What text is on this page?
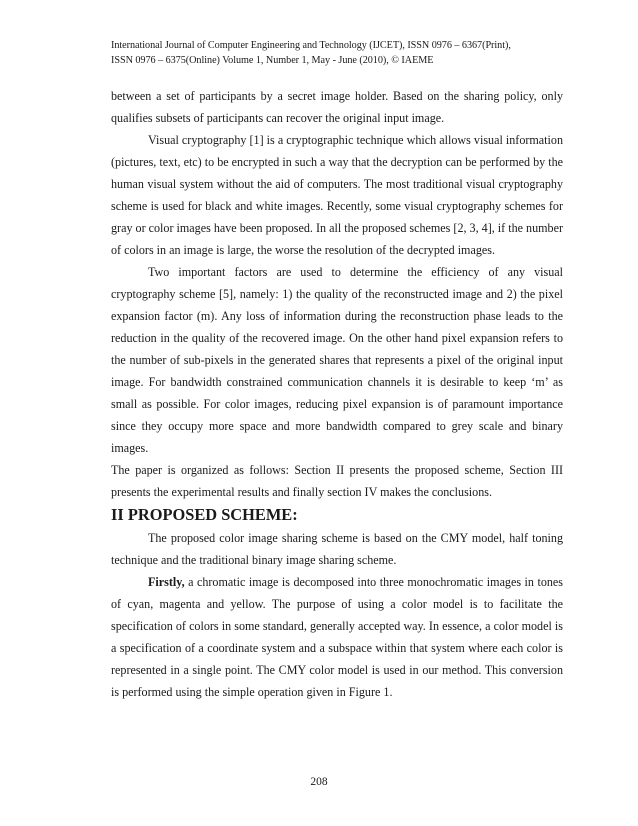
International Journal of Computer Engineering and Technology (IJCET), ISSN 0976 – 6367(Print),
ISSN 0976 – 6375(Online) Volume 1, Number 1, May - June (2010), © IAEME

between a set of participants by a secret image holder. Based on the sharing policy, only qualifies subsets of participants can recover the original input image.

Visual cryptography [1] is a cryptographic technique which allows visual information (pictures, text, etc) to be encrypted in such a way that the decryption can be performed by the human visual system without the aid of computers. The most traditional visual cryptography scheme is used for black and white images. Recently, some visual cryptography schemes for gray or color images have been proposed. In all the proposed schemes [2, 3, 4], if the number of colors in an image is large, the worse the resolution of the decrypted images.

Two important factors are used to determine the efficiency of any visual cryptography scheme [5], namely: 1) the quality of the reconstructed image and 2) the pixel expansion factor (m). Any loss of information during the reconstruction phase leads to the reduction in the quality of the recovered image. On the other hand pixel expansion refers to the number of sub-pixels in the generated shares that represents a pixel of the original input image. For bandwidth constrained communication channels it is desirable to keep ‘m’ as small as possible. For color images, reducing pixel expansion is of paramount importance since they occupy more space and more bandwidth compared to grey scale and binary images.

The paper is organized as follows: Section II presents the proposed scheme, Section III presents the experimental results and finally section IV makes the conclusions.

II PROPOSED SCHEME:

The proposed color image sharing scheme is based on the CMY model, half toning technique and the traditional binary image sharing scheme.

Firstly, a chromatic image is decomposed into three monochromatic images in tones of cyan, magenta and yellow. The purpose of using a color model is to facilitate the specification of colors in some standard, generally accepted way. In essence, a color model is a specification of a coordinate system and a subspace within that system where each color is represented in a single point. The CMY color model is used in our method. This conversion is performed using the simple operation given in Figure 1.

208
